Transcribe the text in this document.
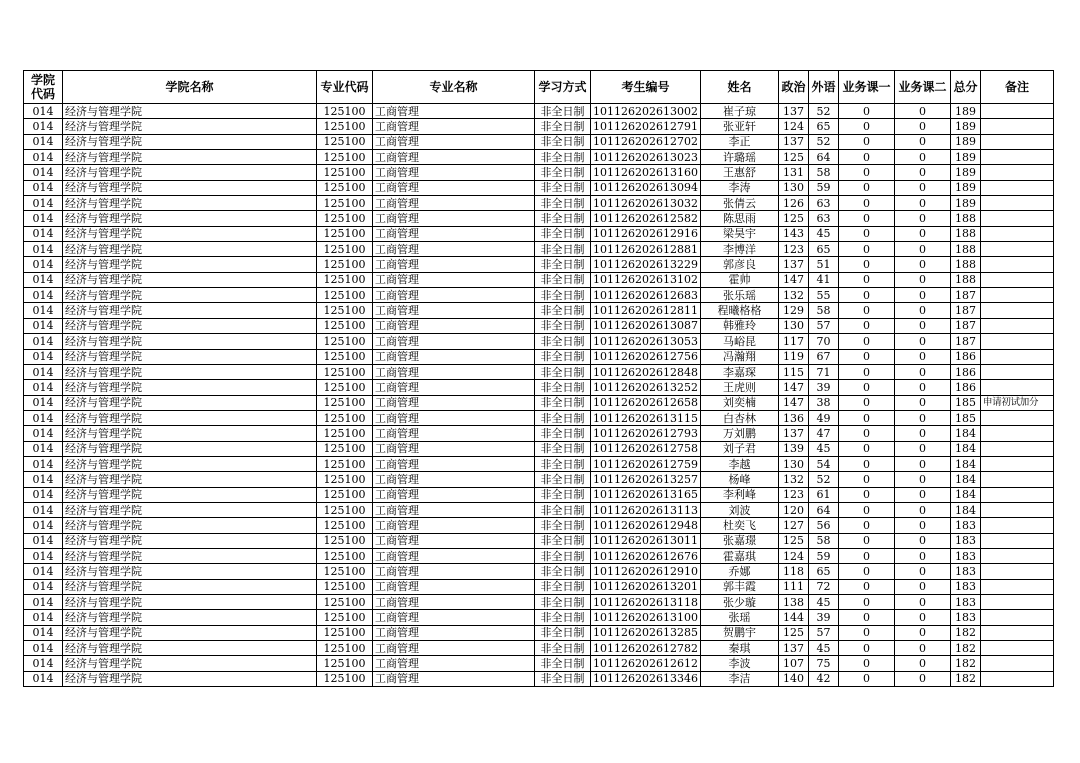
学院
代码	学院名称	专业代码	专业名称	学习方式	考生编号	姓名	政治	外语	业务课一	业务课二	总分	备注
014	经济与管理学院	125100	工商管理	非全日制	101126202613002	崔子琼	137	52	0	0	189	
014	经济与管理学院	125100	工商管理	非全日制	101126202612791	张亚轩	124	65	0	0	189	
014	经济与管理学院	125100	工商管理	非全日制	101126202612702	李正	137	52	0	0	189	
014	经济与管理学院	125100	工商管理	非全日制	101126202613023	许璐瑶	125	64	0	0	189	
014	经济与管理学院	125100	工商管理	非全日制	101126202613160	王惠舒	131	58	0	0	189	
014	经济与管理学院	125100	工商管理	非全日制	101126202613094	李涛	130	59	0	0	189	
014	经济与管理学院	125100	工商管理	非全日制	101126202613032	张倩云	126	63	0	0	189	
014	经济与管理学院	125100	工商管理	非全日制	101126202612582	陈思雨	125	63	0	0	188	
014	经济与管理学院	125100	工商管理	非全日制	101126202612916	梁昊宇	143	45	0	0	188	
014	经济与管理学院	125100	工商管理	非全日制	101126202612881	李博洋	123	65	0	0	188	
014	经济与管理学院	125100	工商管理	非全日制	101126202613229	郭彦良	137	51	0	0	188	
014	经济与管理学院	125100	工商管理	非全日制	101126202613102	霍帅	147	41	0	0	188	
014	经济与管理学院	125100	工商管理	非全日制	101126202612683	张乐瑶	132	55	0	0	187	
014	经济与管理学院	125100	工商管理	非全日制	101126202612811	程曦格格	129	58	0	0	187	
014	经济与管理学院	125100	工商管理	非全日制	101126202613087	韩雅玲	130	57	0	0	187	
014	经济与管理学院	125100	工商管理	非全日制	101126202613053	马峪昆	117	70	0	0	187	
014	经济与管理学院	125100	工商管理	非全日制	101126202612756	冯瀚翔	119	67	0	0	186	
014	经济与管理学院	125100	工商管理	非全日制	101126202612848	李嘉琛	115	71	0	0	186	
014	经济与管理学院	125100	工商管理	非全日制	101126202613252	王虎则	147	39	0	0	186	
014	经济与管理学院	125100	工商管理	非全日制	101126202612658	刘奕楠	147	38	0	0	185	申请初试加分
014	经济与管理学院	125100	工商管理	非全日制	101126202613115	白杏林	136	49	0	0	185	
014	经济与管理学院	125100	工商管理	非全日制	101126202612793	万刘鹏	137	47	0	0	184	
014	经济与管理学院	125100	工商管理	非全日制	101126202612758	刘子君	139	45	0	0	184	
014	经济与管理学院	125100	工商管理	非全日制	101126202612759	李越	130	54	0	0	184	
014	经济与管理学院	125100	工商管理	非全日制	101126202613257	杨峰	132	52	0	0	184	
014	经济与管理学院	125100	工商管理	非全日制	101126202613165	李利峰	123	61	0	0	184	
014	经济与管理学院	125100	工商管理	非全日制	101126202613113	刘波	120	64	0	0	184	
014	经济与管理学院	125100	工商管理	非全日制	101126202612948	杜奕飞	127	56	0	0	183	
014	经济与管理学院	125100	工商管理	非全日制	101126202613011	张嘉璟	125	58	0	0	183	
014	经济与管理学院	125100	工商管理	非全日制	101126202612676	霍嘉琪	124	59	0	0	183	
014	经济与管理学院	125100	工商管理	非全日制	101126202612910	乔娜	118	65	0	0	183	
014	经济与管理学院	125100	工商管理	非全日制	101126202613201	郭丰霞	111	72	0	0	183	
014	经济与管理学院	125100	工商管理	非全日制	101126202613118	张少璇	138	45	0	0	183	
014	经济与管理学院	125100	工商管理	非全日制	101126202613100	张瑶	144	39	0	0	183	
014	经济与管理学院	125100	工商管理	非全日制	101126202613285	贺鹏宇	125	57	0	0	182	
014	经济与管理学院	125100	工商管理	非全日制	101126202612782	秦琪	137	45	0	0	182	
014	经济与管理学院	125100	工商管理	非全日制	101126202612612	李波	107	75	0	0	182	
014	经济与管理学院	125100	工商管理	非全日制	101126202613346	李洁	140	42	0	0	182	
